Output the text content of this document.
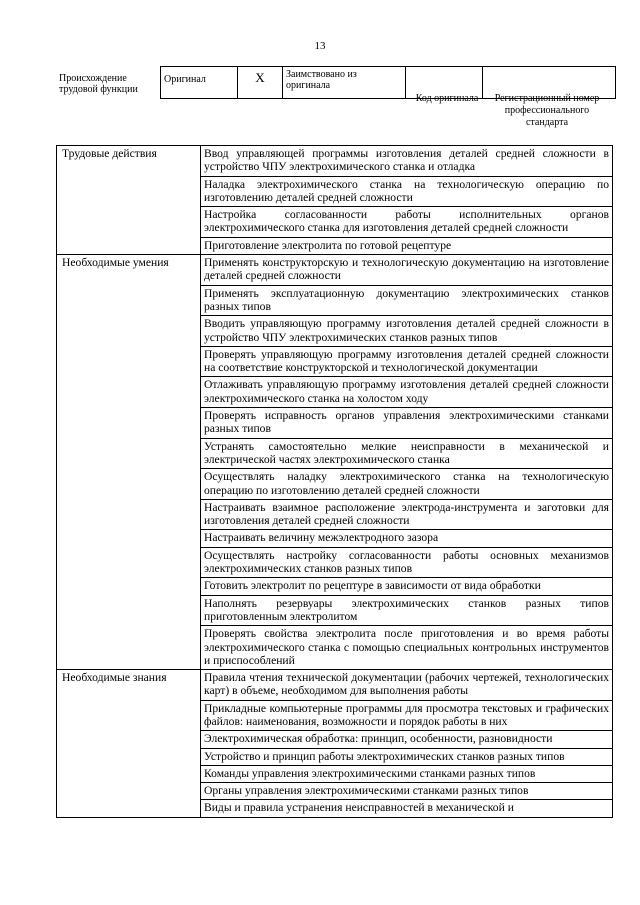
13
Происхождение трудовой функции	Оригинал	X	Заимствовано из оригинала		
Код оригинала	Регистрационный номер профессионального стандарта
Трудовые действия	Ввод управляющей программы изготовления деталей средней сложности в устройство ЧПУ электрохимического станка и отладка
	Наладка электрохимического станка на технологическую операцию по изготовлению деталей средней сложности
	Настройка согласованности работы исполнительных органов электрохимического станка для изготовления деталей средней сложности
	Приготовление электролита по готовой рецептуре
Необходимые умения	Применять конструкторскую и технологическую документацию на изготовление деталей средней сложности
	Применять эксплуатационную документацию электрохимических станков разных типов
	Вводить управляющую программу изготовления деталей средней сложности в устройство ЧПУ электрохимических станков разных типов
	Проверять управляющую программу изготовления деталей средней сложности на соответствие конструкторской и технологической документации
	Отлаживать управляющую программу изготовления деталей средней сложности электрохимического станка на холостом ходу
	Проверять исправность органов управления электрохимическими станками разных типов
	Устранять самостоятельно мелкие неисправности в механической и электрической частях электрохимического станка
	Осуществлять наладку электрохимического станка на технологическую операцию по изготовлению деталей средней сложности
	Настраивать взаимное расположение электрода-инструмента и заготовки для изготовления деталей средней сложности
	Настраивать величину межэлектродного зазора
	Осуществлять настройку согласованности работы основных механизмов электрохимических станков разных типов
	Готовить электролит по рецептуре в зависимости от вида обработки
	Наполнять резервуары электрохимических станков разных типов приготовленным электролитом
	Проверять свойства электролита после приготовления и во время работы электрохимического станка с помощью специальных контрольных инструментов и приспособлений
Необходимые знания	Правила чтения технической документации (рабочих чертежей, технологических карт) в объеме, необходимом для выполнения работы
	Прикладные компьютерные программы для просмотра текстовых и графических файлов: наименования, возможности и порядок работы в них
	Электрохимическая обработка: принцип, особенности, разновидности
	Устройство и принцип работы электрохимических станков разных типов
	Команды управления электрохимическими станками разных типов
	Органы управления электрохимическими станками разных типов
	Виды и правила устранения неисправностей в механической и
